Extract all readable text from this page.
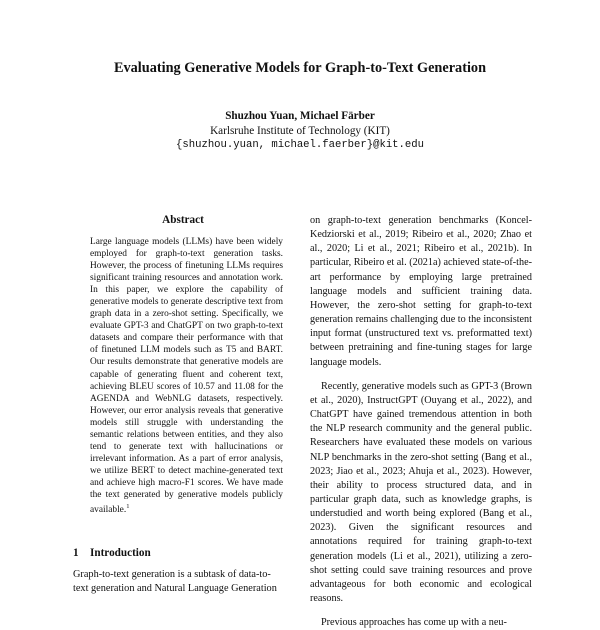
Evaluating Generative Models for Graph-to-Text Generation
Shuzhou Yuan, Michael Färber
Karlsruhe Institute of Technology (KIT)
{shuzhou.yuan, michael.faerber}@kit.edu
Abstract

Large language models (LLMs) have been widely employed for graph-to-text generation tasks. However, the process of finetuning LLMs requires significant training resources and annotation work. In this paper, we explore the capability of generative models to generate descriptive text from graph data in a zero-shot setting. Specifically, we evaluate GPT-3 and ChatGPT on two graph-to-text datasets and compare their performance with that of finetuned LLM models such as T5 and BART. Our results demonstrate that generative models are capable of generating fluent and coherent text, achieving BLEU scores of 10.57 and 11.08 for the AGENDA and WebNLG datasets, respectively. However, our error analysis reveals that generative models still struggle with understanding the semantic relations between entities, and they also tend to generate text with hallucinations or irrelevant information. As a part of error analysis, we utilize BERT to detect machine-generated text and achieve high macro-F1 scores. We have made the text generated by generative models publicly available.$^1$

1 Introduction

Graph-to-text generation is a subtask of data-to-
text generation and Natural Language Generation

on graph-to-text generation benchmarks (Koncel-Kedziorski et al., 2019; Ribeiro et al., 2020; Zhao et al., 2020; Li et al., 2021; Ribeiro et al., 2021b). In particular, Ribeiro et al. (2021a) achieved state-of-the-art performance by employing large pretrained language models and sufficient training data. However, the zero-shot setting for graph-to-text generation remains challenging due to the inconsistent input format (unstructured text vs. preformatted text) between pretraining and fine-tuning stages for large language models.

Recently, generative models such as GPT-3 (Brown et al., 2020), InstructGPT (Ouyang et al., 2022), and ChatGPT have gained tremendous attention in both the NLP research community and the general public. Researchers have evaluated these models on various NLP benchmarks in the zero-shot setting (Bang et al., 2023; Jiao et al., 2023; Ahuja et al., 2023). However, their ability to process structured data, and in particular graph data, such as knowledge graphs, is understudied and worth being explored (Bang et al., 2023). Given the significant resources and annotations required for training graph-to-text generation models (Li et al., 2021), utilizing a zero-shot setting could save training resources and prove advantageous for both economic and ecological reasons.

Previous approaches has come up with a neu-
